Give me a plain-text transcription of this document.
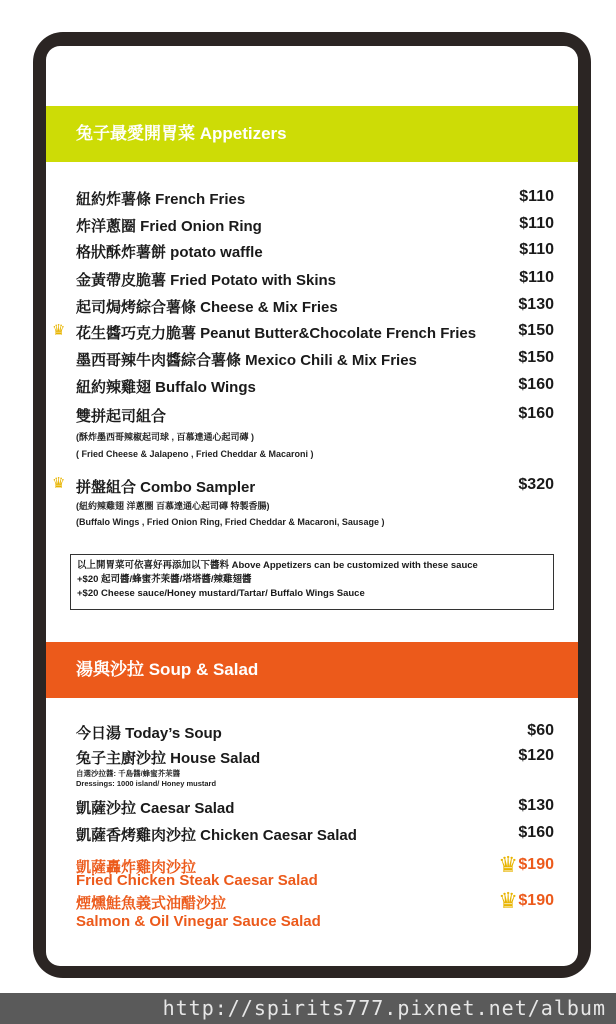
兔子最愛開胃菜 Appetizers
紐約炸薯條 French Fries	$110
炸洋蔥圈 Fried Onion Ring	$110
格狀酥炸薯餅 potato waffle	$110
金黃帶皮脆薯 Fried Potato with Skins	$110
起司焗烤綜合薯條 Cheese & Mix Fries	$130
♛ 花生醬巧克力脆薯 Peanut Butter&Chocolate French Fries	$150
墨西哥辣牛肉醬綜合薯條 Mexico Chili & Mix Fries	$150
紐約辣雞翅 Buffalo Wings	$160
雙拼起司組合	$160
(酥炸墨西哥辣椒起司球 , 百慕達通心起司磚 )
( Fried Cheese & Jalapeno , Fried Cheddar & Macaroni )
♛ 拼盤組合 Combo Sampler	$320
(紐約辣雞翅 洋蔥圈 百慕達通心起司磚 特製香腸)
(Buffalo Wings , Fried Onion Ring, Fried Cheddar & Macaroni, Sausage )
以上開胃菜可依喜好再添加以下醬料 Above Appetizers can be customized with these sauce
+$20 起司醬/蜂蜜芥茉醬/塔塔醬/辣雞翅醬
+$20 Cheese sauce/Honey mustard/Tartar/ Buffalo Wings Sauce
湯與沙拉 Soup & Salad
今日湯 Today’s Soup	$60
兔子主廚沙拉 House Salad	$120
自選沙拉醬: 千島醬/蜂蜜芥茉醬
Dressings: 1000 island/ Honey mustard
凱薩沙拉 Caesar Salad	$130
凱薩香烤雞肉沙拉 Chicken Caesar Salad	$160
凱薩轟炸雞肉沙拉	♛ $190
Fried Chicken Steak Caesar Salad
煙燻鮭魚義式油醋沙拉	♛ $190
Salmon & Oil Vinegar Sauce Salad
http://spirits777.pixnet.net/album
